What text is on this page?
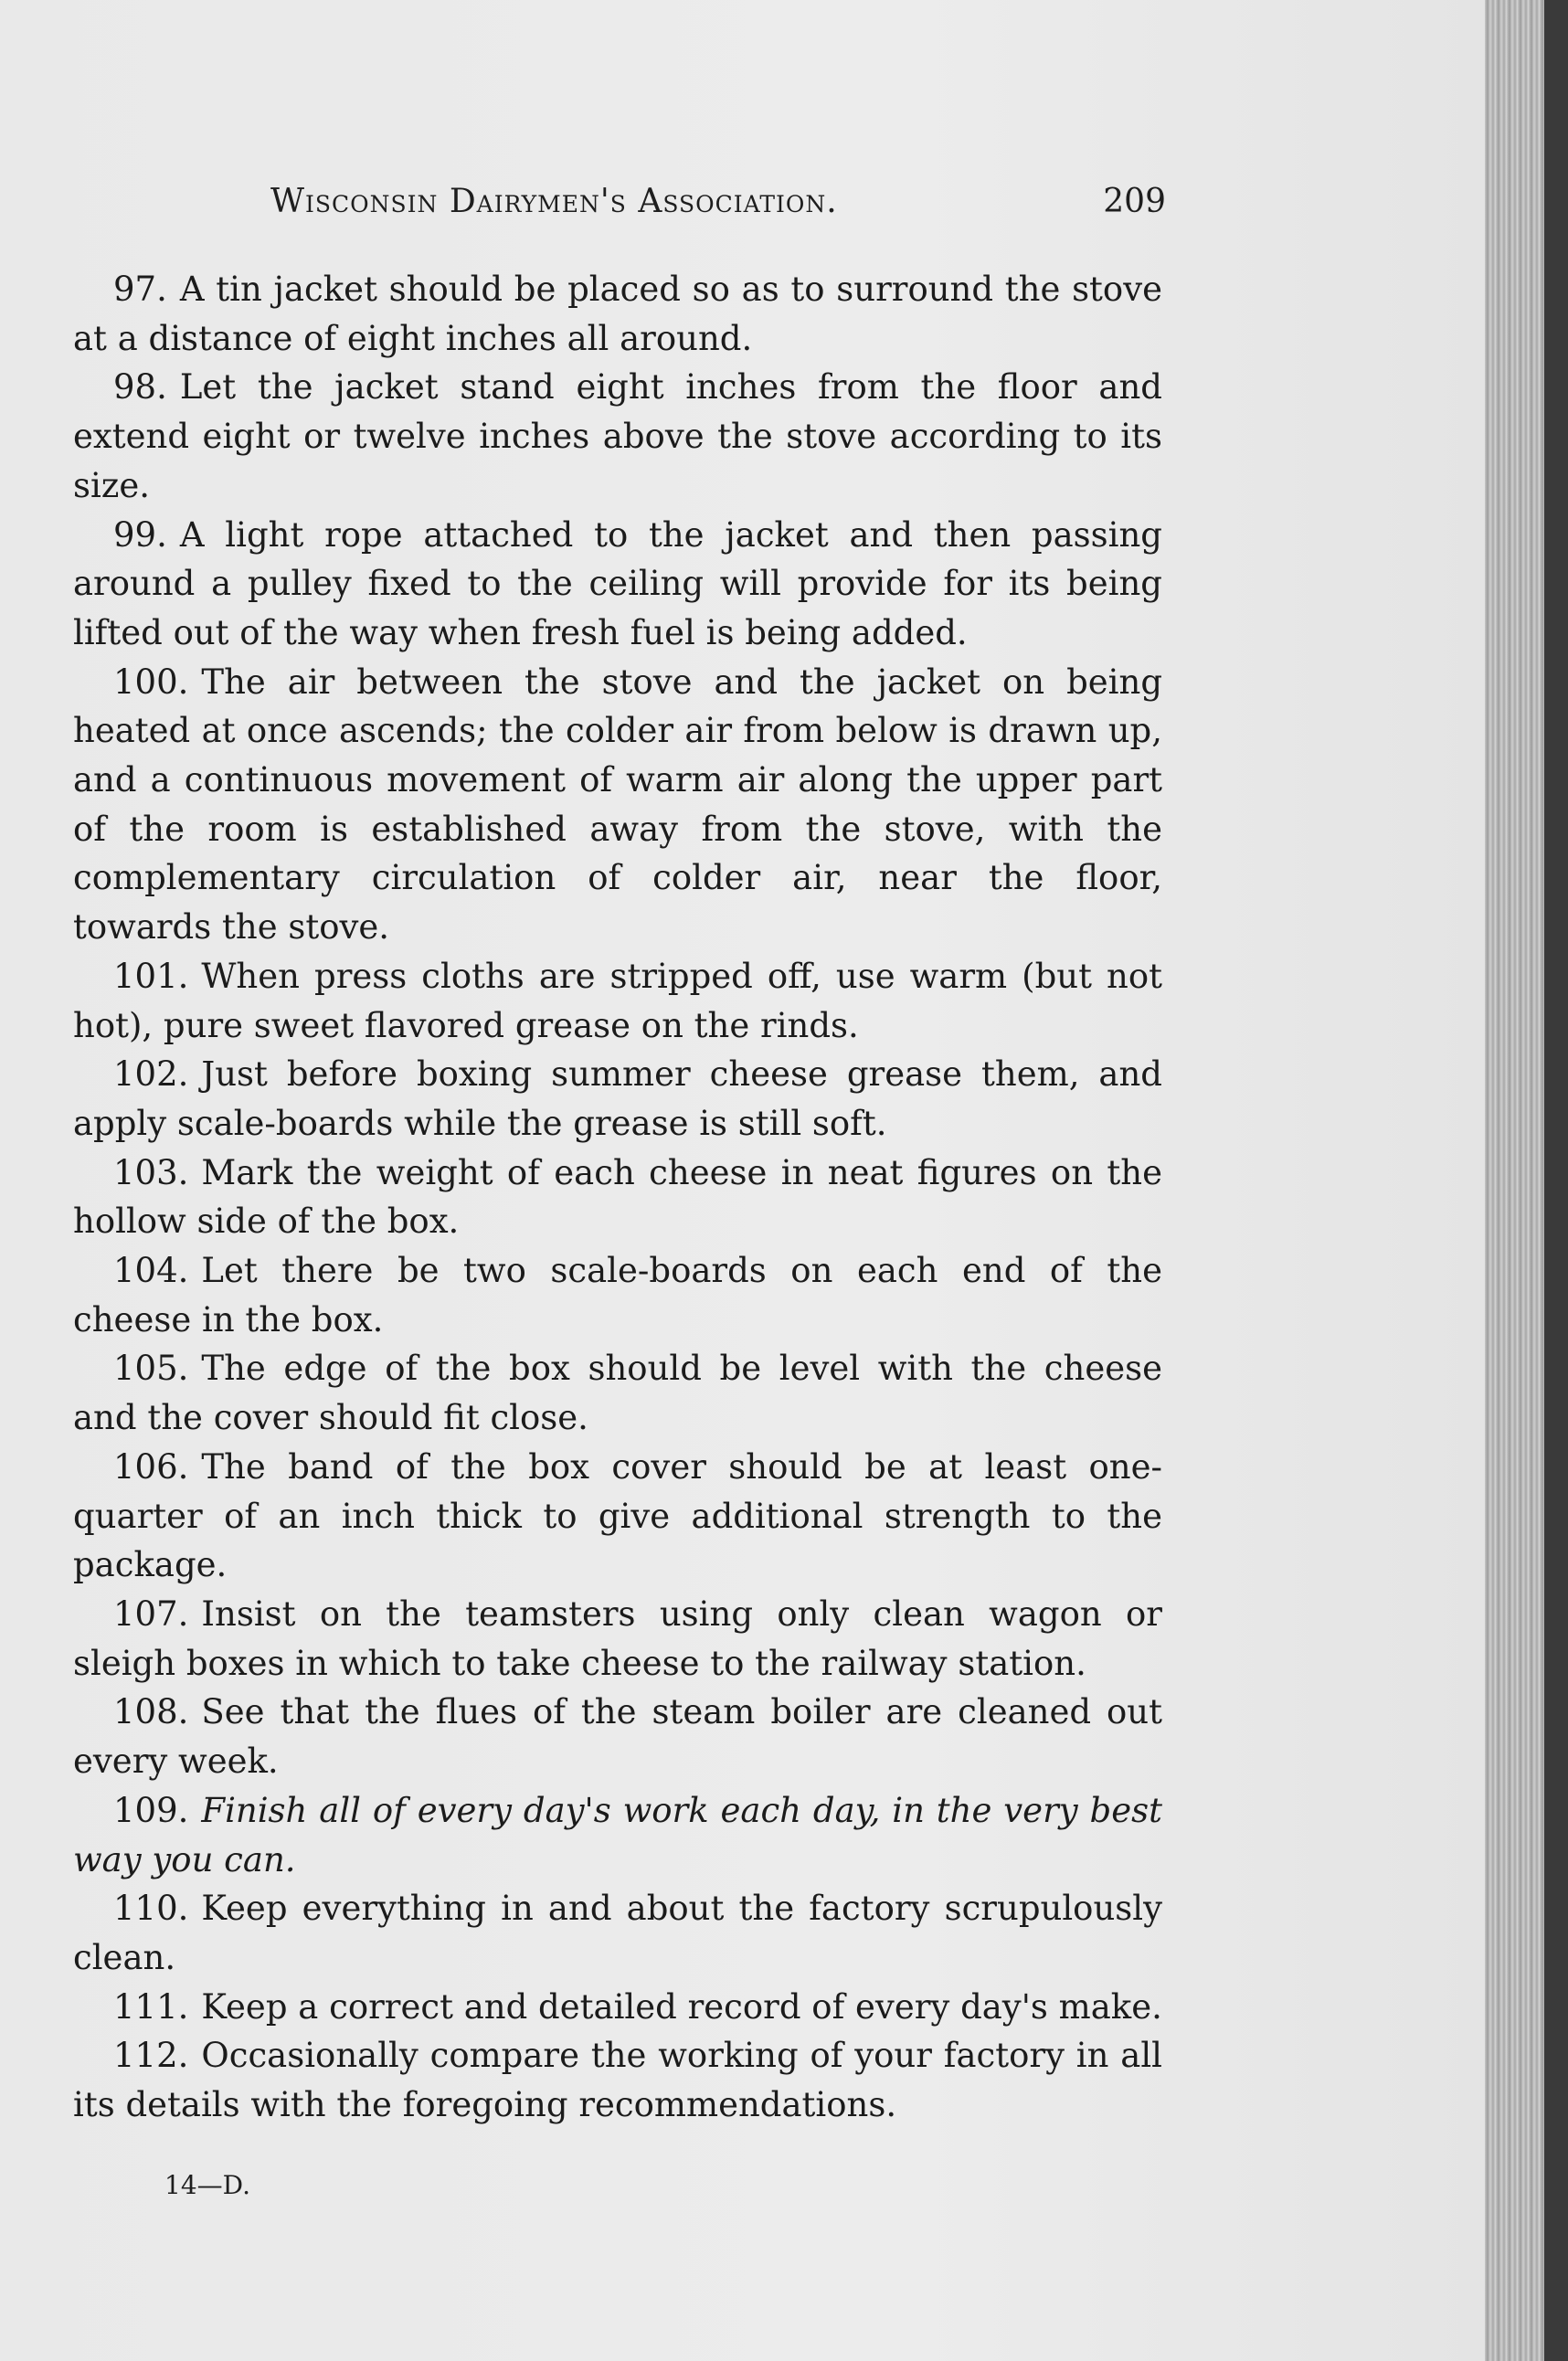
Wisconsin Dairymen's Association.	209

97. A tin jacket should be placed so as to surround the stove at a distance of eight inches all around.

98. Let the jacket stand eight inches from the floor and extend eight or twelve inches above the stove according to its size.

99. A light rope attached to the jacket and then passing around a pulley fixed to the ceiling will provide for its being lifted out of the way when fresh fuel is being added.

100. The air between the stove and the jacket on being heated at once ascends; the colder air from below is drawn up, and a continuous movement of warm air along the upper part of the room is established away from the stove, with the complementary circulation of colder air, near the floor, towards the stove.

101. When press cloths are stripped off, use warm (but not hot), pure sweet flavored grease on the rinds.

102. Just before boxing summer cheese grease them, and apply scale-boards while the grease is still soft.

103. Mark the weight of each cheese in neat figures on the hollow side of the box.

104. Let there be two scale-boards on each end of the cheese in the box.

105. The edge of the box should be level with the cheese and the cover should fit close.

106. The band of the box cover should be at least one-quarter of an inch thick to give additional strength to the package.

107. Insist on the teamsters using only clean wagon or sleigh boxes in which to take cheese to the railway station.

108. See that the flues of the steam boiler are cleaned out every week.

109. Finish all of every day's work each day, in the very best way you can.

110. Keep everything in and about the factory scrupulously clean.

111. Keep a correct and detailed record of every day's make.

112. Occasionally compare the working of your factory in all its details with the foregoing recommendations.

14—D.
